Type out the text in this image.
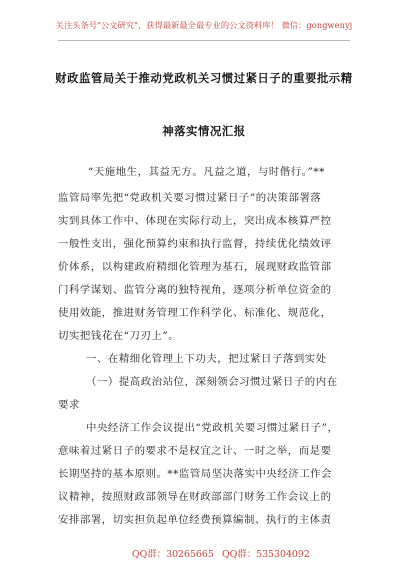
关注头条号"公文研究"，获得最新最全最专业的公文资料库！ 微信：gongwenyj
财政监管局关于推动党政机关习惯过紧日子的重要批示精
神落实情况汇报
“天施地生，其益无方。凡益之道，与时偕行。”**
监管局率先把“党政机关要习惯过紧日子”的决策部署落
实到具体工作中、体现在实际行动上，突出成本核算严控
一般性支出，强化预算约束和执行监督，持续优化绩效评
价体系，以构建政府精细化管理为基石，展现财政监管部
门科学谋划、监管分离的独特视角，逐项分析单位资金的
使用效能，推进财务管理工作科学化、标准化、规范化，
切实把钱花在“刀刃上”。
一、在精细化管理上下功夫，把过紧日子落到实处
（一）提高政治站位，深刻领会习惯过紧日子的内在
要求
中央经济工作会议提出“党政机关要习惯过紧日子”，
意味着过紧日子的要求不是权宜之计、一时之举，而是要
长期坚持的基本原则。**监管局坚决落实中央经济工作会
议精神，按照财政部领导在财政部部门财务工作会议上的
安排部署，切实担负起单位经费预算编制、执行的主体责
QQ群：30265665 QQ群：535304092
